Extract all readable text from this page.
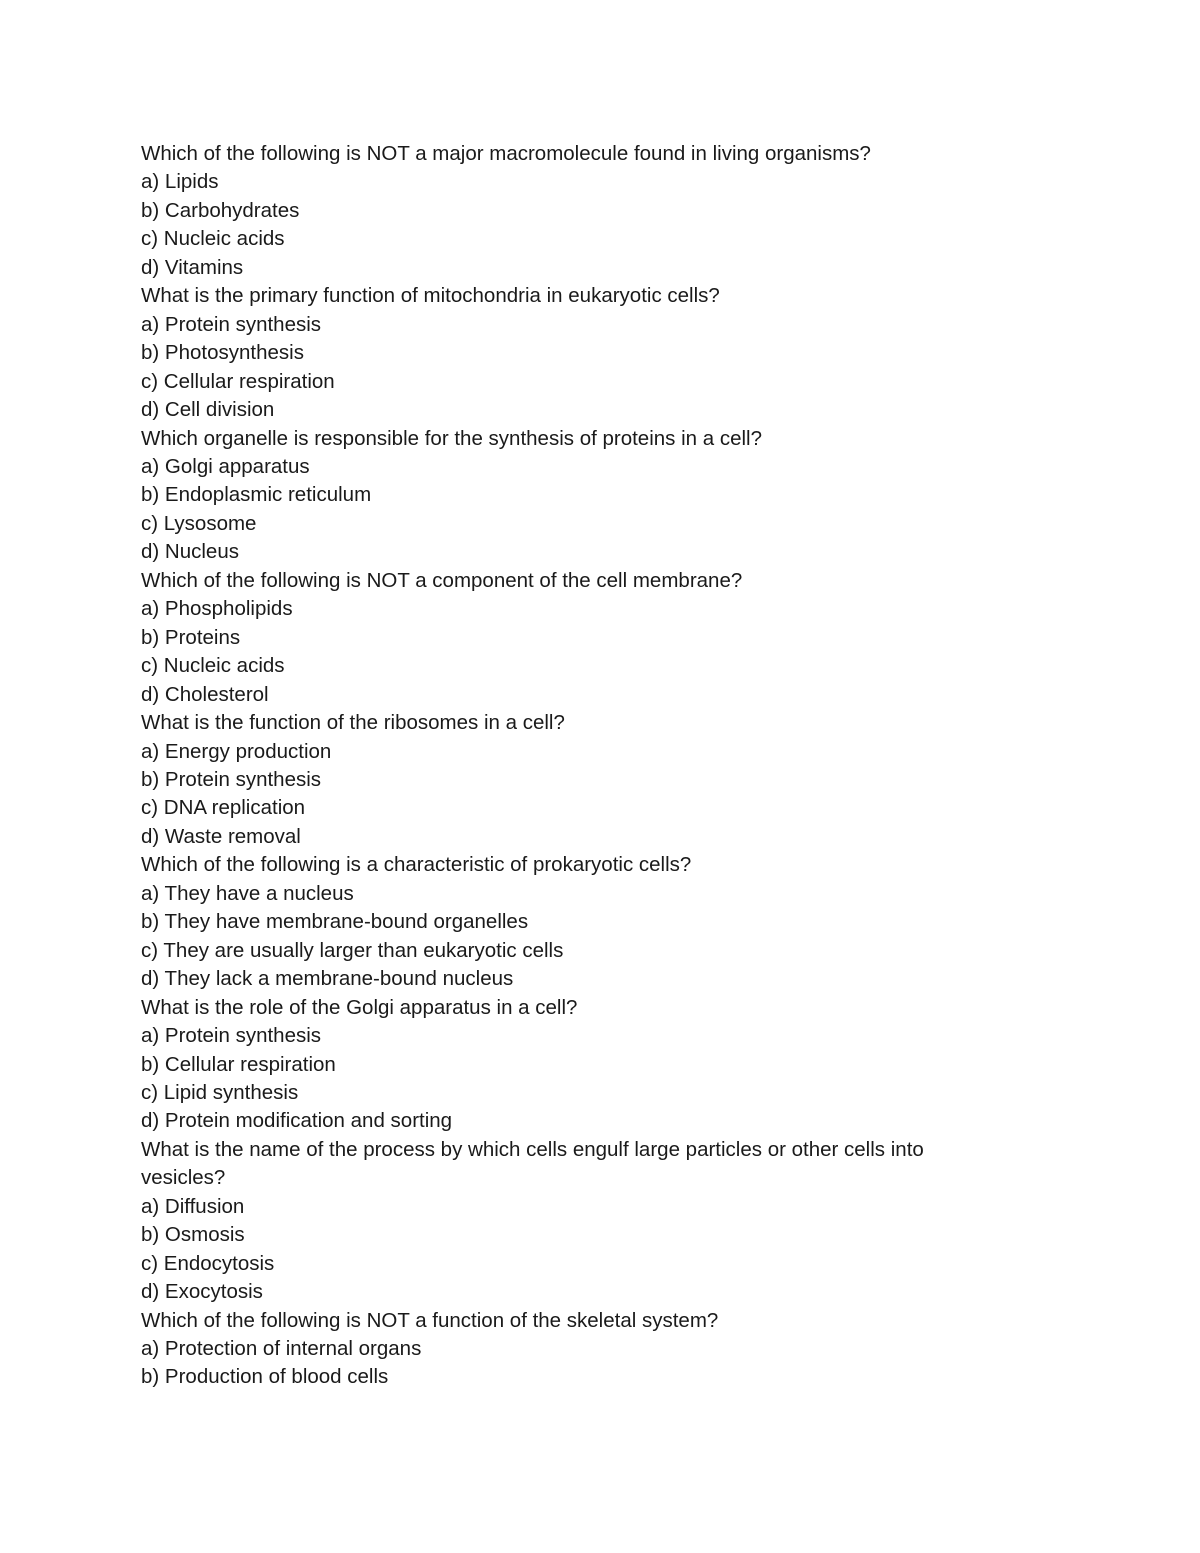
Which of the following is NOT a major macromolecule found in living organisms?

a) Lipids

b) Carbohydrates

c) Nucleic acids

d) Vitamins

What is the primary function of mitochondria in eukaryotic cells?

a) Protein synthesis

b) Photosynthesis

c) Cellular respiration

d) Cell division

Which organelle is responsible for the synthesis of proteins in a cell?

a) Golgi apparatus

b) Endoplasmic reticulum

c) Lysosome

d) Nucleus

Which of the following is NOT a component of the cell membrane?

a) Phospholipids

b) Proteins

c) Nucleic acids

d) Cholesterol

What is the function of the ribosomes in a cell?

a) Energy production

b) Protein synthesis

c) DNA replication

d) Waste removal

Which of the following is a characteristic of prokaryotic cells?

a) They have a nucleus

b) They have membrane-bound organelles

c) They are usually larger than eukaryotic cells

d) They lack a membrane-bound nucleus

What is the role of the Golgi apparatus in a cell?

a) Protein synthesis

b) Cellular respiration

c) Lipid synthesis

d) Protein modification and sorting

What is the name of the process by which cells engulf large particles or other cells into

vesicles?

a) Diffusion

b) Osmosis

c) Endocytosis

d) Exocytosis

Which of the following is NOT a function of the skeletal system?

a) Protection of internal organs

b) Production of blood cells
